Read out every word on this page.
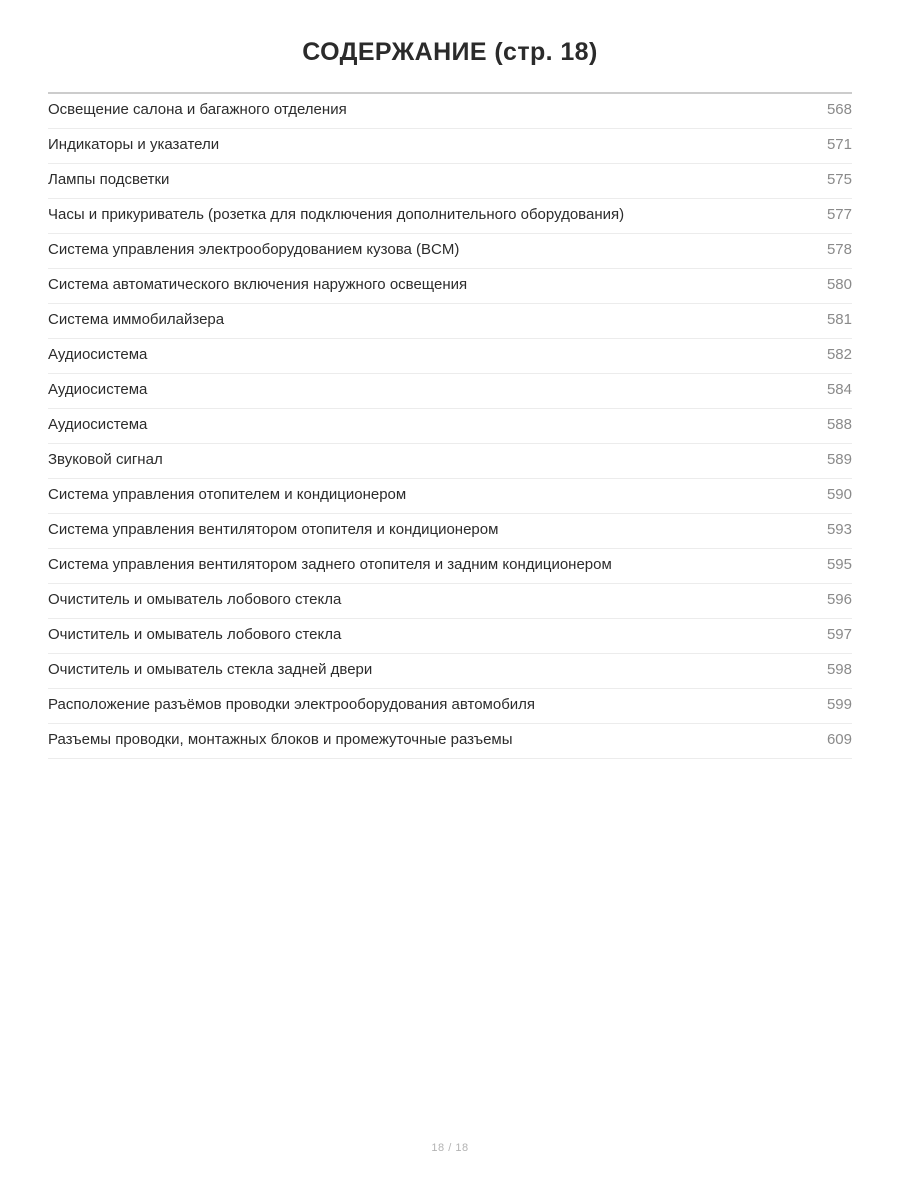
СОДЕРЖАНИЕ (стр. 18)
Освещение салона и багажного отделения	568
Индикаторы и указатели	571
Лампы подсветки	575
Часы и прикуриватель (розетка для подключения дополнительного оборудования)	577
Система управления электрооборудованием кузова (BCM)	578
Система автоматического включения наружного освещения	580
Система иммобилайзера	581
Аудиосистема	582
Аудиосистема	584
Аудиосистема	588
Звуковой сигнал	589
Система управления отопителем и кондиционером	590
Система управления вентилятором отопителя и кондиционером	593
Система управления вентилятором заднего отопителя и задним кондиционером	595
Очиститель и омыватель лобового стекла	596
Очиститель и омыватель лобового стекла	597
Очиститель и омыватель стекла задней двери	598
Расположение разъёмов проводки электрооборудования автомобиля	599
Разъемы проводки, монтажных блоков и промежуточные разъемы	609
18 / 18
